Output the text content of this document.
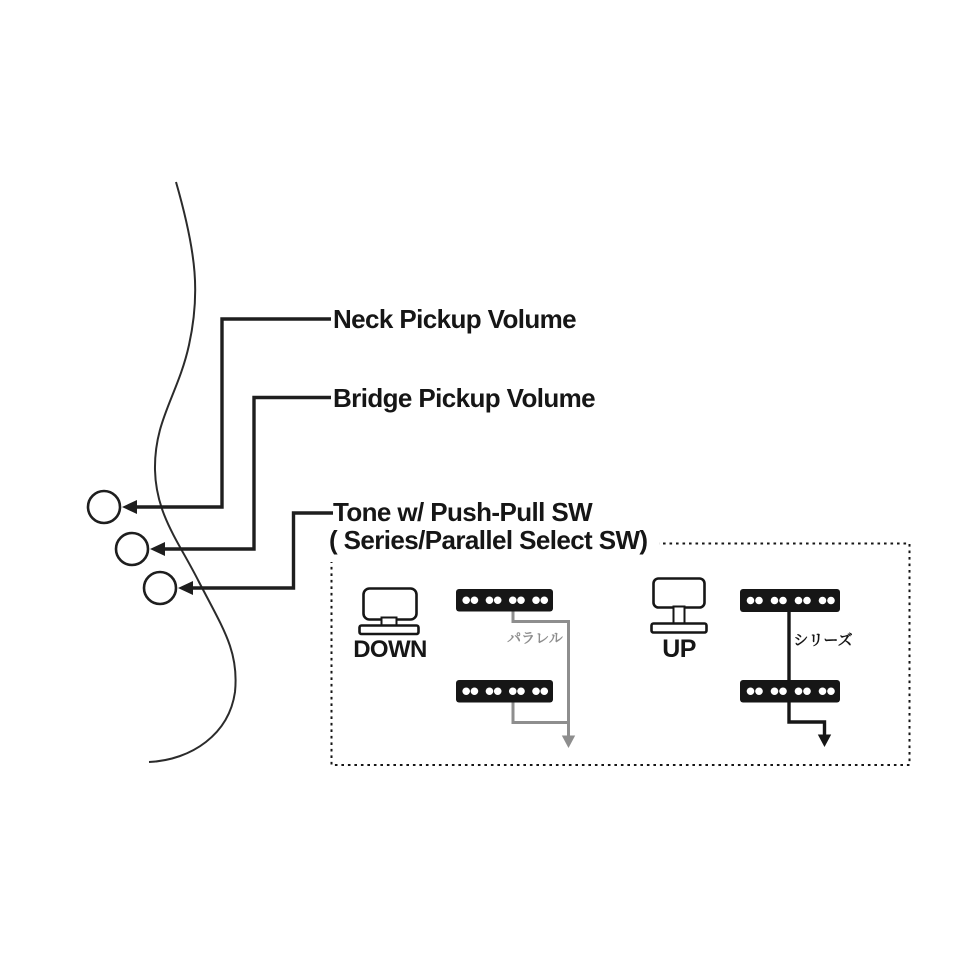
Neck Pickup Volume
Bridge Pickup Volume
Tone w/ Push-Pull SW
( Series/Parallel Select SW)
DOWN	UP
パラレル	シリーズ
